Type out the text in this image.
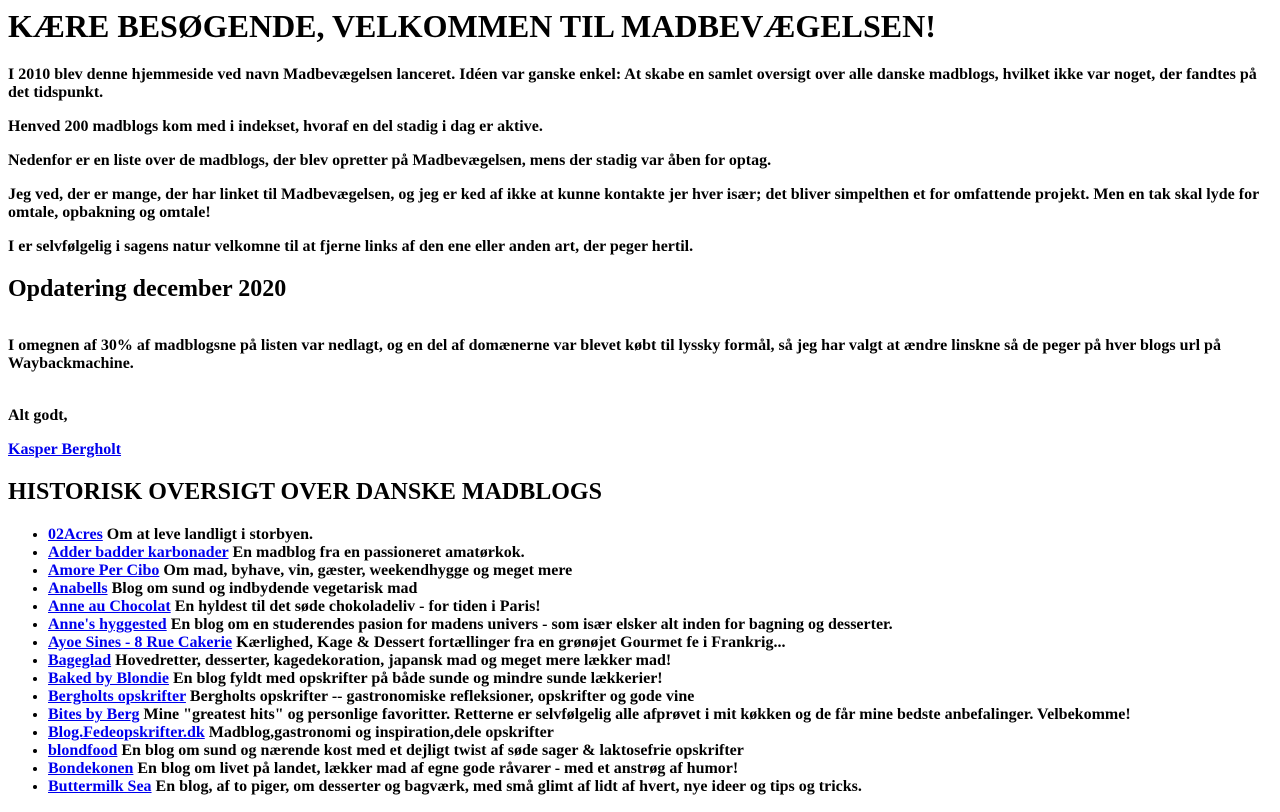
KÆRE BESØGENDE, VELKOMMEN TIL MADBEVÆGELSEN!

I 2010 blev denne hjemmeside ved navn Madbevægelsen lanceret. Idéen var ganske enkel: At skabe en samlet oversigt over alle danske madblogs, hvilket ikke var noget, der fandtes på det tidspunkt.

Henved 200 madblogs kom med i indekset, hvoraf en del stadig i dag er aktive.

Nedenfor er en liste over de madblogs, der blev opretter på Madbevægelsen, mens der stadig var åben for optag.

Jeg ved, der er mange, der har linket til Madbevægelsen, og jeg er ked af ikke at kunne kontakte jer hver især; det bliver simpelthen et for omfattende projekt. Men en tak skal lyde for omtale, opbakning og omtale!

I er selvfølgelig i sagens natur velkomne til at fjerne links af den ene eller anden art, der peger hertil.

Opdatering december 2020

I omegnen af 30% af madblogsne på listen var nedlagt, og en del af domænerne var blevet købt til lyssky formål, så jeg har valgt at ændre linskne så de peger på hver blogs url på Waybackmachine.

Alt godt,

Kasper Bergholt

HISTORISK OVERSIGT OVER DANSKE MADBLOGS
• 02Acres Om at leve landligt i storbyen.
• Adder badder karbonader En madblog fra en passioneret amatørkok.
• Amore Per Cibo Om mad, byhave, vin, gæster, weekendhygge og meget mere
• Anabells Blog om sund og indbydende vegetarisk mad
• Anne au Chocolat En hyldest til det søde chokoladeliv - for tiden i Paris!
• Anne's hyggested En blog om en studerendes pasion for madens univers - som især elsker alt inden for bagning og desserter.
• Ayoe Sines - 8 Rue Cakerie Kærlighed, Kage & Dessert fortællinger fra en grønøjet Gourmet fe i Frankrig...
• Bageglad Hovedretter, desserter, kagedekoration, japansk mad og meget mere lækker mad!
• Baked by Blondie En blog fyldt med opskrifter på både sunde og mindre sunde lækkerier!
• Bergholts opskrifter Bergholts opskrifter -- gastronomiske refleksioner, opskrifter og gode vine
• Bites by Berg Mine "greatest hits" og personlige favoritter. Retterne er selvfølgelig alle afprøvet i mit køkken og de får mine bedste anbefalinger. Velbekomme!
• Blog.Fedeopskrifter.dk Madblog,gastronomi og inspiration,dele opskrifter
• blondfood En blog om sund og nærende kost med et dejligt twist af søde sager & laktosefrie opskrifter
• Bondekonen En blog om livet på landet, lækker mad af egne gode råvarer - med et anstrøg af humor!
• Buttermilk Sea En blog, af to piger, om desserter og bagværk, med små glimt af lidt af hvert, nye ideer og tips og tricks.
